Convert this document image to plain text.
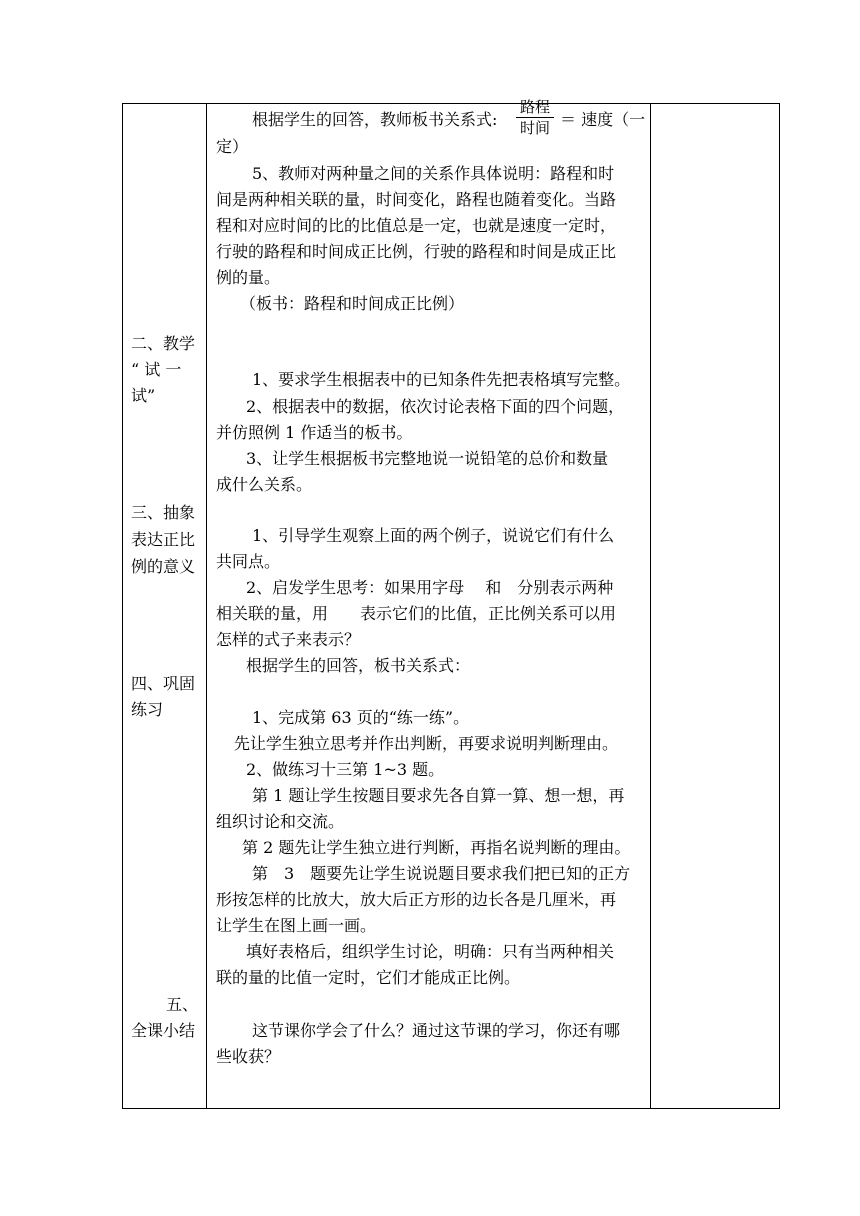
二、教学
“ 试 一
试”
三、抽象
表达正比
例的意义
四、巩固
练习
五、
全课小结
根据学生的回答，教师板书关系式:
路程
时间 ＝ 速度（一
定）
5、教师对两种量之间的关系作具体说明：路程和时
间是两种相关联的量，时间变化，路程也随着变化。当路
程和对应时间的比的比值总是一定，也就是速度一定时，
行驶的路程和时间成正比例，行驶的路程和时间是成正比
例的量。
（板书：路程和时间成正比例）
1、要求学生根据表中的已知条件先把表格填写完整。
2、根据表中的数据，依次讨论表格下面的四个问题，
并仿照例 1 作适当的板书。
3、让学生根据板书完整地说一说铅笔的总价和数量
成什么关系。
1、引导学生观察上面的两个例子，说说它们有什么
共同点。
2、启发学生思考：如果用字母　 和　分别表示两种
相关联的量，用　　表示它们的比值，正比例关系可以用
怎样的式子来表示？
根据学生的回答，板书关系式：
1、完成第 63 页的“练一练”。
先让学生独立思考并作出判断，再要求说明判断理由。
2、做练习十三第 1~3 题。
第 1 题让学生按题目要求先各自算一算、想一想，再
组织讨论和交流。
第 2 题先让学生独立进行判断，再指名说判断的理由。
第　3　题要先让学生说说题目要求我们把已知的正方
形按怎样的比放大，放大后正方形的边长各是几厘米，再
让学生在图上画一画。
填好表格后，组织学生讨论，明确：只有当两种相关
联的量的比值一定时，它们才能成正比例。
这节课你学会了什么？通过这节课的学习，你还有哪
些收获？
